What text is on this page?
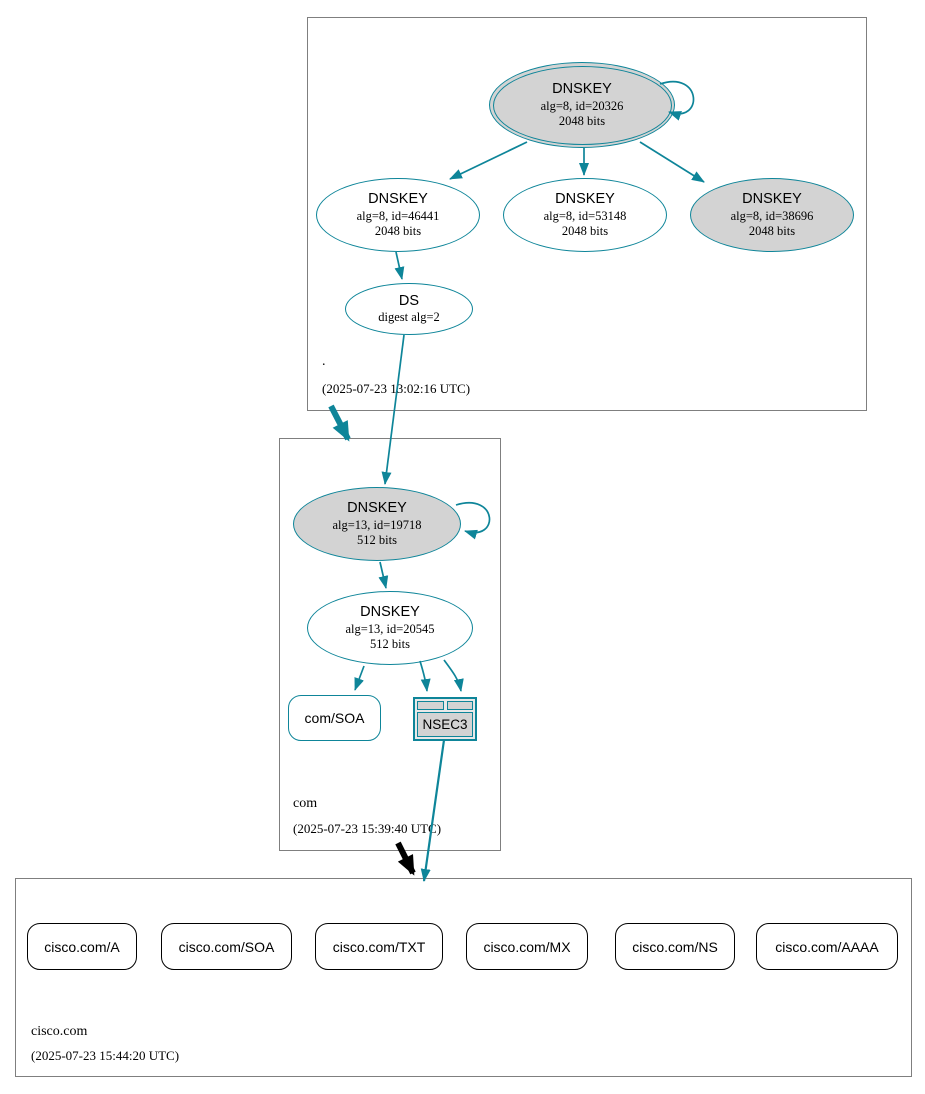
.
(2025-07-23 13:02:16 UTC)
com
(2025-07-23 15:39:40 UTC)
cisco.com
(2025-07-23 15:44:20 UTC)
DNSKEY
alg=8, id=20326
2048 bits
DNSKEY
alg=8, id=46441
2048 bits
DNSKEY
alg=8, id=53148
2048 bits
DNSKEY
alg=8, id=38696
2048 bits
DS
digest alg=2
DNSKEY
alg=13, id=19718
512 bits
DNSKEY
alg=13, id=20545
512 bits
com/SOA	NSEC3
cisco.com/A	cisco.com/SOA	cisco.com/TXT	cisco.com/MX	cisco.com/NS	cisco.com/AAAA
